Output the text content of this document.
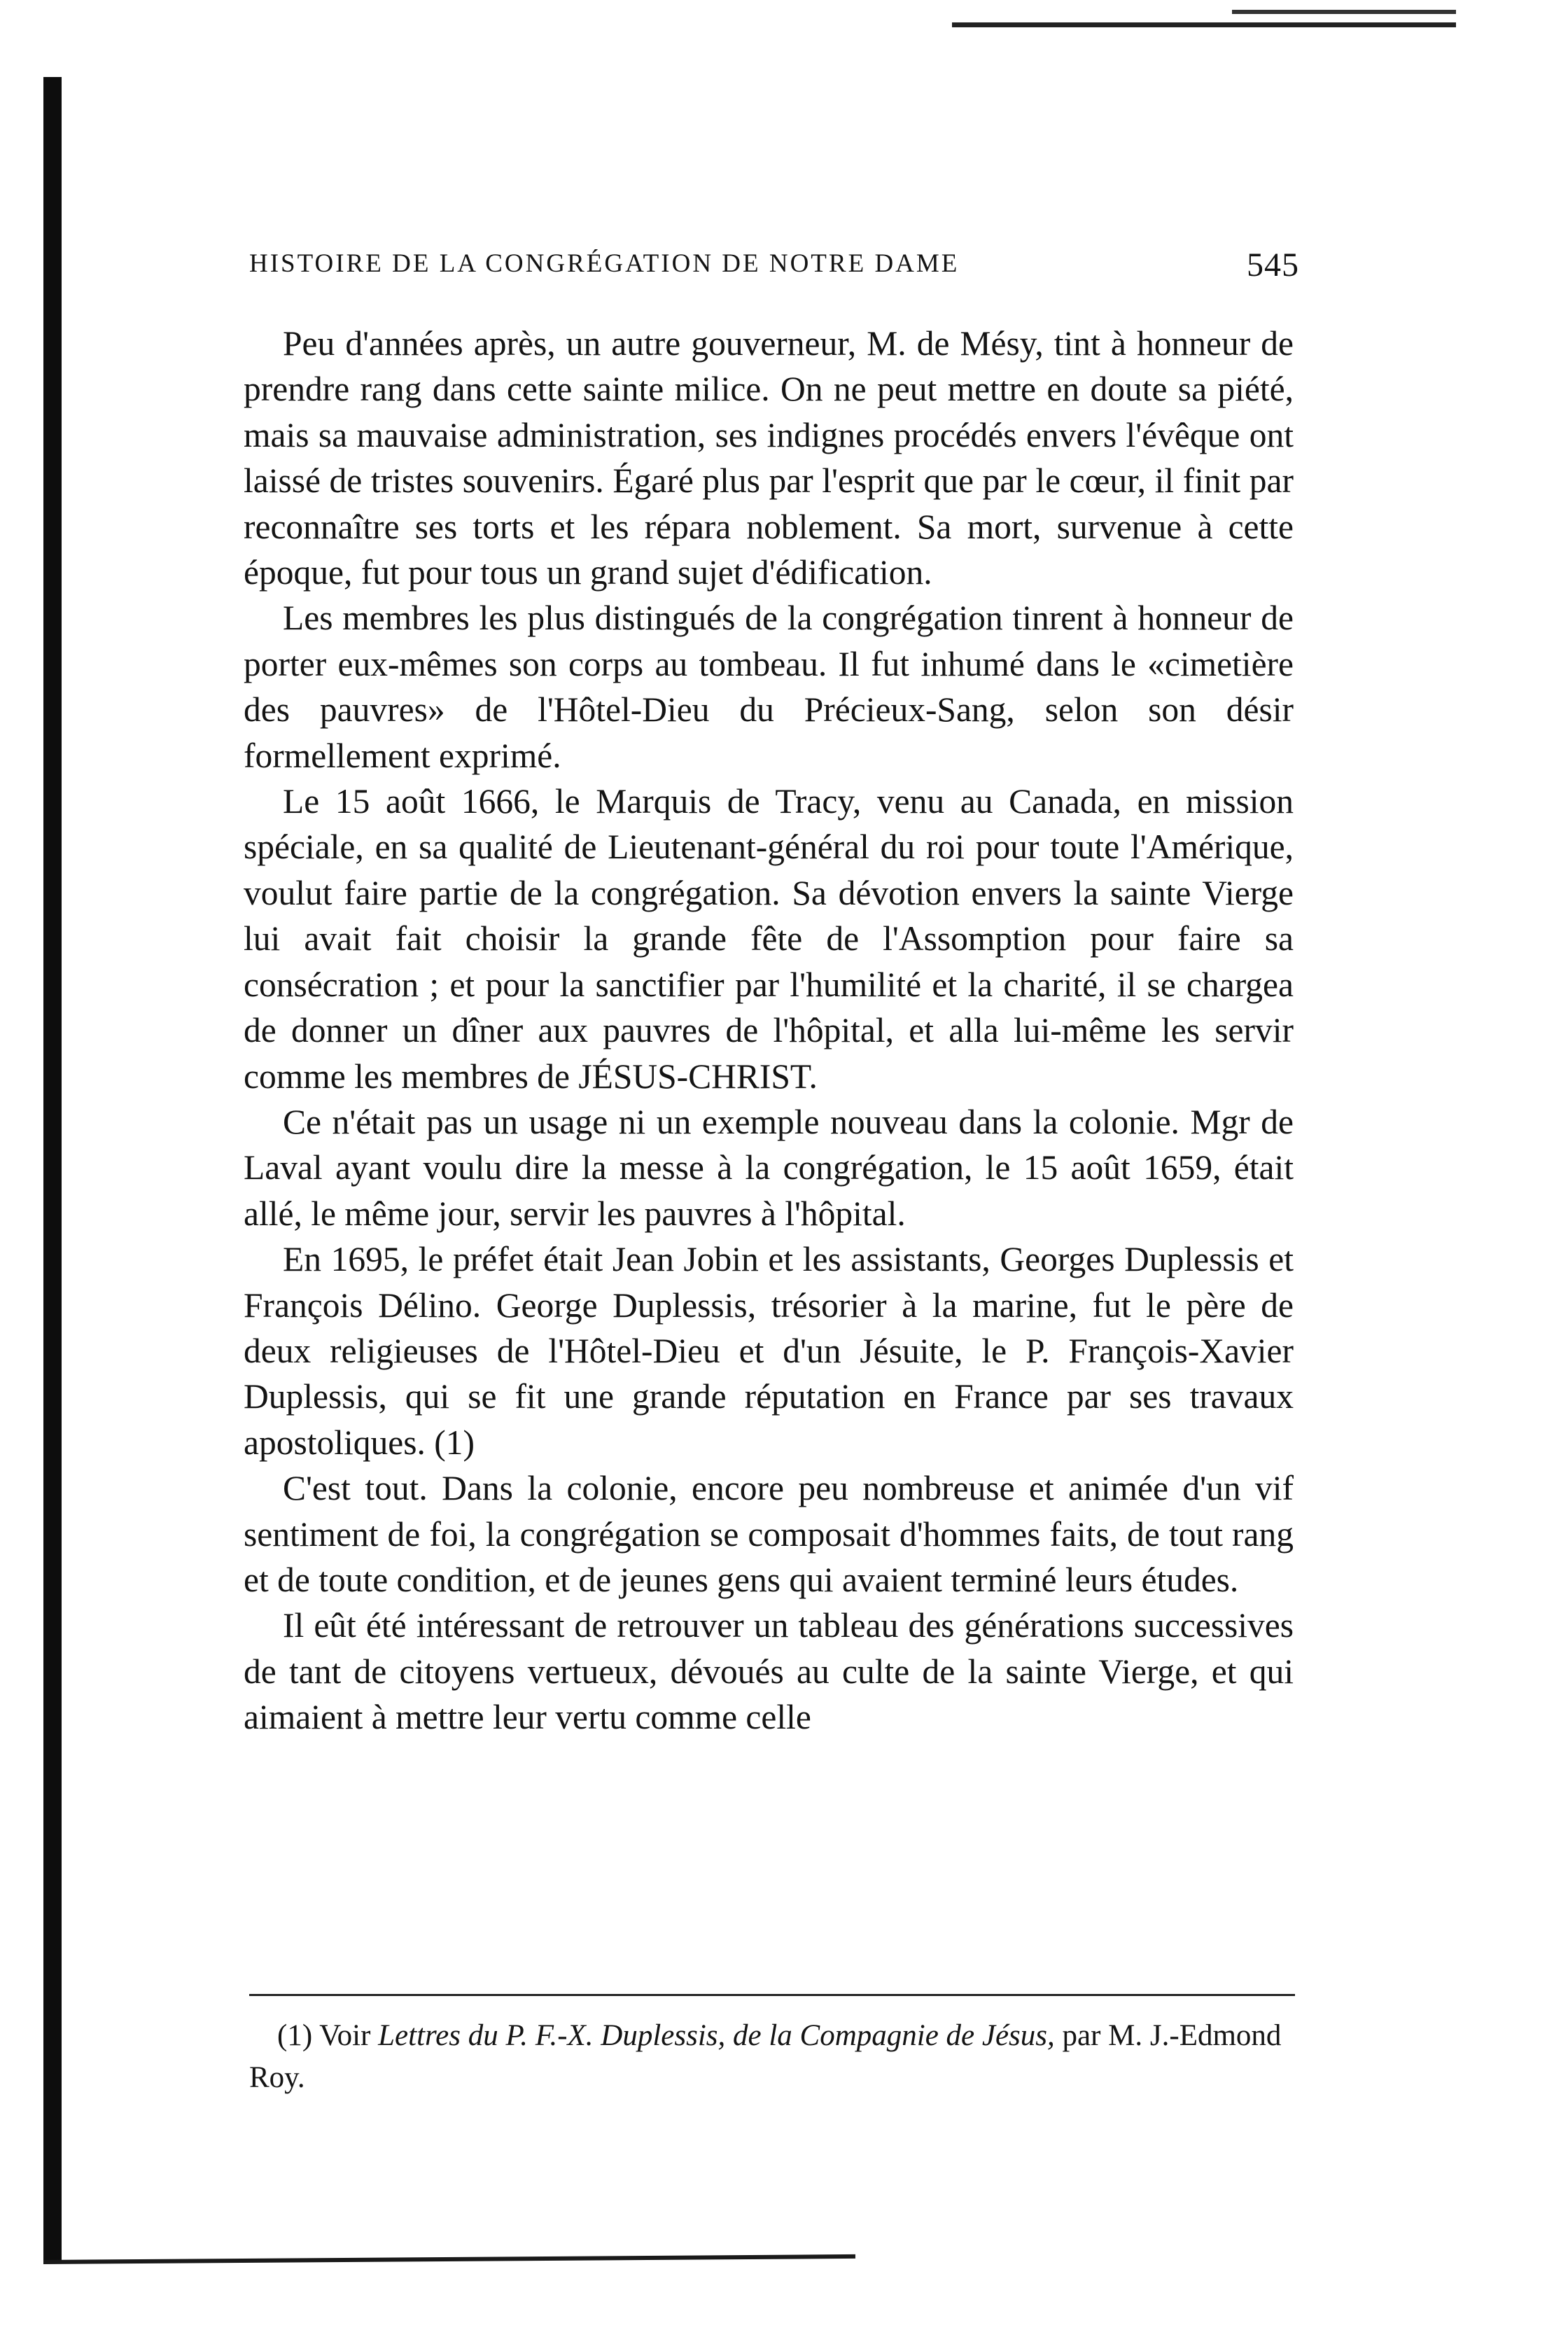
HISTOIRE DE LA CONGRÉGATION DE NOTRE DAME	545

Peu d'années après, un autre gouverneur, M. de Mésy, tint à honneur de prendre rang dans cette sainte milice. On ne peut mettre en doute sa piété, mais sa mauvaise administration, ses indignes procédés envers l'évêque ont laissé de tristes souvenirs. Égaré plus par l'esprit que par le cœur, il finit par reconnaître ses torts et les répara noblement. Sa mort, survenue à cette époque, fut pour tous un grand sujet d'édification.

Les membres les plus distingués de la congrégation tinrent à honneur de porter eux-mêmes son corps au tombeau. Il fut inhumé dans le «cimetière des pauvres» de l'Hôtel-Dieu du Précieux-Sang, selon son désir formellement exprimé.

Le 15 août 1666, le Marquis de Tracy, venu au Canada, en mission spéciale, en sa qualité de Lieutenant-général du roi pour toute l'Amérique, voulut faire partie de la congrégation. Sa dévotion envers la sainte Vierge lui avait fait choisir la grande fête de l'Assomption pour faire sa consécration ; et pour la sanctifier par l'humilité et la charité, il se chargea de donner un dîner aux pauvres de l'hôpital, et alla lui-même les servir comme les membres de JÉSUS-CHRIST.

Ce n'était pas un usage ni un exemple nouveau dans la colonie. Mgr de Laval ayant voulu dire la messe à la congrégation, le 15 août 1659, était allé, le même jour, servir les pauvres à l'hôpital.

En 1695, le préfet était Jean Jobin et les assistants, Georges Duplessis et François Délino. George Duplessis, trésorier à la marine, fut le père de deux religieuses de l'Hôtel-Dieu et d'un Jésuite, le P. François-Xavier Duplessis, qui se fit une grande réputation en France par ses travaux apostoliques. (1)

C'est tout. Dans la colonie, encore peu nombreuse et animée d'un vif sentiment de foi, la congrégation se composait d'hommes faits, de tout rang et de toute condition, et de jeunes gens qui avaient terminé leurs études.

Il eût été intéressant de retrouver un tableau des générations successives de tant de citoyens vertueux, dévoués au culte de la sainte Vierge, et qui aimaient à mettre leur vertu comme celle

(1) Voir Lettres du P. F.-X. Duplessis, de la Compagnie de Jésus, par M. J.-Edmond Roy.
